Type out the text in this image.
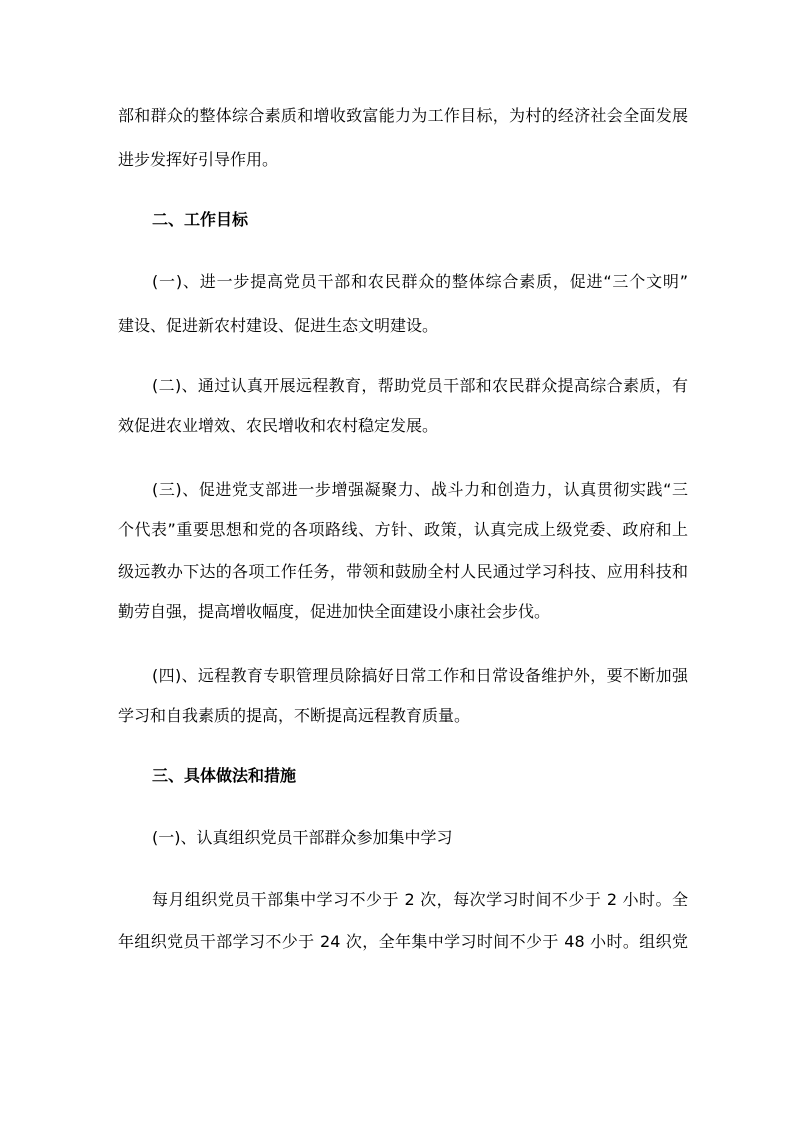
部和群众的整体综合素质和增收致富能力为工作目标，为村的经济社会全面发展
进步发挥好引导作用。
二、工作目标
(一)、进一步提高党员干部和农民群众的整体综合素质，促进“三个文明”
建设、促进新农村建设、促进生态文明建设。
(二)、通过认真开展远程教育，帮助党员干部和农民群众提高综合素质，有
效促进农业增效、农民增收和农村稳定发展。
(三)、促进党支部进一步增强凝聚力、战斗力和创造力，认真贯彻实践“三
个代表”重要思想和党的各项路线、方针、政策，认真完成上级党委、政府和上
级远教办下达的各项工作任务，带领和鼓励全村人民通过学习科技、应用科技和
勤劳自强，提高增收幅度，促进加快全面建设小康社会步伐。
(四)、远程教育专职管理员除搞好日常工作和日常设备维护外，要不断加强
学习和自我素质的提高，不断提高远程教育质量。
三、具体做法和措施
(一)、认真组织党员干部群众参加集中学习
每月组织党员干部集中学习不少于 2 次，每次学习时间不少于 2 小时。全
年组织党员干部学习不少于 24 次，全年集中学习时间不少于 48 小时。组织党
